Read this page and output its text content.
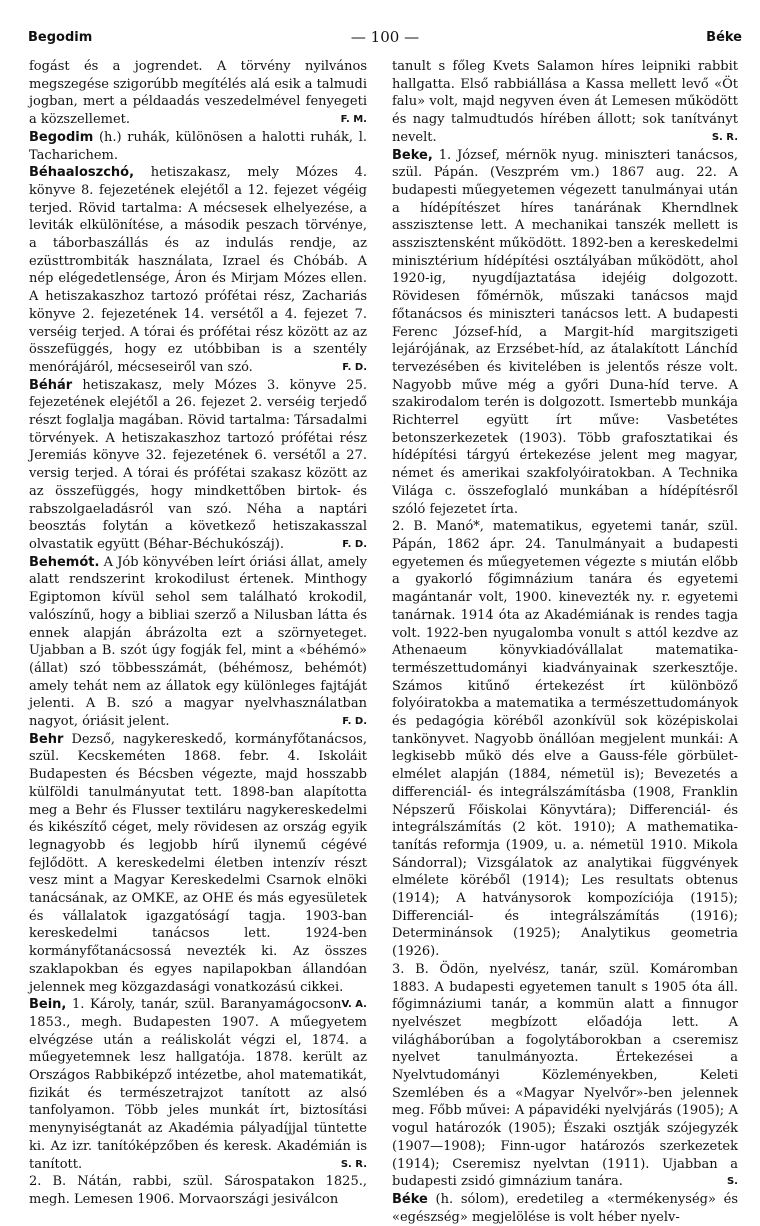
Begodim	— 100 —	Béke

fogást és a jogrendet. A törvény nyilvános megszegése szigorúbb megítélés alá esik a talmudi jogban, mert a példaadás veszedelmével fenyegeti a közszellemet.	F. M.

Begodim (h.) ruhák, különösen a halotti ruhák, l. Tacharichem.

Béhaaloszchó, hetiszakasz, mely Mózes 4. könyve 8. fejezetének elejétől a 12. fejezet végéig terjed. Rövid tartalma: A mécsesek elhelyezése, a leviták elkülönítése, a második peszach törvénye, a táborbaszállás és az indulás rendje, az ezüsttrombiták használata, Izrael és Chóbáb. A nép elégedetlensége, Áron és Mirjam Mózes ellen. A hetiszakaszhoz tartozó prófétai rész, Zachariás könyve 2. fejezetének 14. versétől a 4. fejezet 7. verséig terjed. A tórai és prófétai rész között az az összefüggés, hogy ez utóbbiban is a szentély menórájáról, mécseseiről van szó.	F. D.

Béhár hetiszakasz, mely Mózes 3. könyve 25. fejezetének elejétől a 26. fejezet 2. verséig terjedő részt foglalja magában. Rövid tartalma: Társadalmi törvények. A hetiszakaszhoz tartozó prófétai rész Jeremiás könyve 32. fejezetének 6. versétől a 27. versig terjed. A tórai és prófétai szakasz között az az összefüggés, hogy mindkettőben birtok- és rabszolgaeladásról van szó. Néha a naptári beosztás folytán a következő hetiszakasszal olvastatik együtt (Béhar-Béchukószáj).	F. D.

Behemót. A Jób könyvében leírt óriási állat, amely alatt rendszerint krokodilust értenek. Minthogy Egiptomon kívül sehol sem található krokodil, valószínű, hogy a bibliai szerző a Nilusban látta és ennek alapján ábrázolta ezt a szörnyeteget. Ujabban a B. szót úgy fogják fel, mint a «béhémó» (állat) szó többesszámát, (béhémosz, behémót) amely tehát nem az állatok egy különleges fajtáját jelenti. A B. szó a magyar nyelvhasználatban nagyot, óriásit jelent.	F. D.

Behr Dezső, nagykereskedő, kormányfőtanácsos, szül. Kecskeméten 1868. febr. 4. Iskoláit Budapesten és Bécsben végezte, majd hosszabb külföldi tanulmányutat tett. 1898-ban alapította meg a Behr és Flusser textiláru nagykereskedelmi és kikészítő céget, mely rövidesen az ország egyik legnagyobb és legjobb hírű ilynemű cégévé fejlődött. A kereskedelmi életben intenzív részt vesz mint a Magyar Kereskedelmi Csarnok elnöki tanácsának, az OMKE, az OHE és más egyesületek és vállalatok igazgatóságí tagja. 1903-ban kereskedelmi tanácsos lett. 1924-ben kormányfőtanácsossá nevezték ki. Az összes szaklapokban és egyes napilapokban állandóan jelennek meg közgazdasági vonatkozású cikkei.
V. A.

Bein, 1. Károly, tanár, szül. Baranyamágocson 1853., megh. Budapesten 1907. A műegyetem elvégzése után a reáliskolát végzi el, 1874. a műegyetemnek lesz hallgatója. 1878. került az Országos Rabbiképző intézetbe, ahol matematikát, fizikát és természetrajzot tanított az alsó tanfolyamon. Több jeles munkát írt, biztosítási menynyiségtanát az Akadémia pályadíjjal tüntette ki. Az izr. tanítóképzőben és keresk. Akadémián is tanított.	S. R.

2. B. Nátán, rabbi, szül. Sárospatakon 1825., megh. Lemesen 1906. Morvaországi jesiválcon

tanult s főleg Kvets Salamon híres leipniki rabbit hallgatta. Első rabbiállása a Kassa mellett levő «Öt falu» volt, majd negyven éven át Lemesen működött és nagy talmudtudós hírében állott; sok tanítványt nevelt.	S. R.

Beke, 1. József, mérnök nyug. miniszteri tanácsos, szül. Pápán. (Veszprém vm.) 1867 aug. 22. A budapesti műegyetemen végezett tanulmányai után a hídépítészet híres tanárának Kherndlnek asszisztense lett. A mechanikai tanszék mellett is asszisztensként működött. 1892-ben a kereskedelmi minisztérium hídépítési osztályában működött, ahol 1920-ig, nyugdíjaztatása idejéig dolgozott. Rövidesen főmérnök, műszaki tanácsos majd főtanácsos és miniszteri tanácsos lett. A budapesti Ferenc József-híd, a Margit-híd margitszigeti lejárójának, az Erzsébet-híd, az átalakított Lánchíd tervezésében és kivitelében is jelentős része volt. Nagyobb műve még a győri Duna-híd terve. A szakirodalom terén is dolgozott. Ismertebb munkája Richterrel együtt írt műve: Vasbetétes betonszerkezetek (1903). Több grafosztatikai és hídépítési tárgyú értekezése jelent meg magyar, német és amerikai szakfolyóiratokban. A Technika Világa c. összefoglaló munkában a hídépítésről szóló fejezetet írta.

2. B. Manó*, matematikus, egyetemi tanár, szül. Pápán, 1862 ápr. 24. Tanulmányait a budapesti egyetemen és műegyetemen végezte s miután előbb a gyakorló főgimnázium tanára és egyetemi magántanár volt, 1900. kinevezték ny. r. egyetemi tanárnak. 1914 óta az Akadémiának is rendes tagja volt. 1922-ben nyugalomba vonult s attól kezdve az Athenaeum könyvkiadóvállalat matematika-természettudományi kiadványainak szerkesztője. Számos kitűnő értekezést írt különböző folyóiratokba a matematika a természettudományok és pedagógia köréből azonkívül sok középiskolai tankönyvet. Nagyobb önállóan megjelent munkái: A legkisebb műkö dés elve a Gauss-féle görbület-elmélet alapján (1884, németül is); Bevezetés a differenciál- és integrálszámításba (1908, Franklin Népszerű Főiskolai Könyvtára); Differenciál- és integrálszámítás (2 köt. 1910); A mathematika-tanítás reformja (1909, u. a. németül 1910. Mikola Sándorral); Vizsgálatok az analytikai függvények elmélete köréből (1914); Les resultats obtenus (1914); A hatványsorok kompozíciója (1915); Differenciál- és integrálszámítás (1916); Determinánsok (1925); Analytikus geometria (1926).

3. B. Ödön, nyelvész, tanár, szül. Komáromban 1883. A budapesti egyetemen tanult s 1905 óta áll. főgimnáziumi tanár, a kommün alatt a finnugor nyelvészet megbízott előadója lett. A világháborúban a fogolytáborokban a cseremisz nyelvet tanulmányozta. Értekezései a Nyelvtudományi Közleményekben, Keleti Szemlében és a «Magyar Nyelvőr»-ben jelennek meg. Főbb művei: A pápavidéki nyelvjárás (1905); A vogul határozók (1905); Északi osztják szójegyzék (1907—1908); Finn-ugor határozós szerkezetek (1914); Cseremisz nyelvtan (1911). Ujabban a budapesti zsidó gimnázium tanára.	S.

Béke (h. sólom), eredetileg a «termékenység» és «egészség» megjelölése is volt héber nyelv-
